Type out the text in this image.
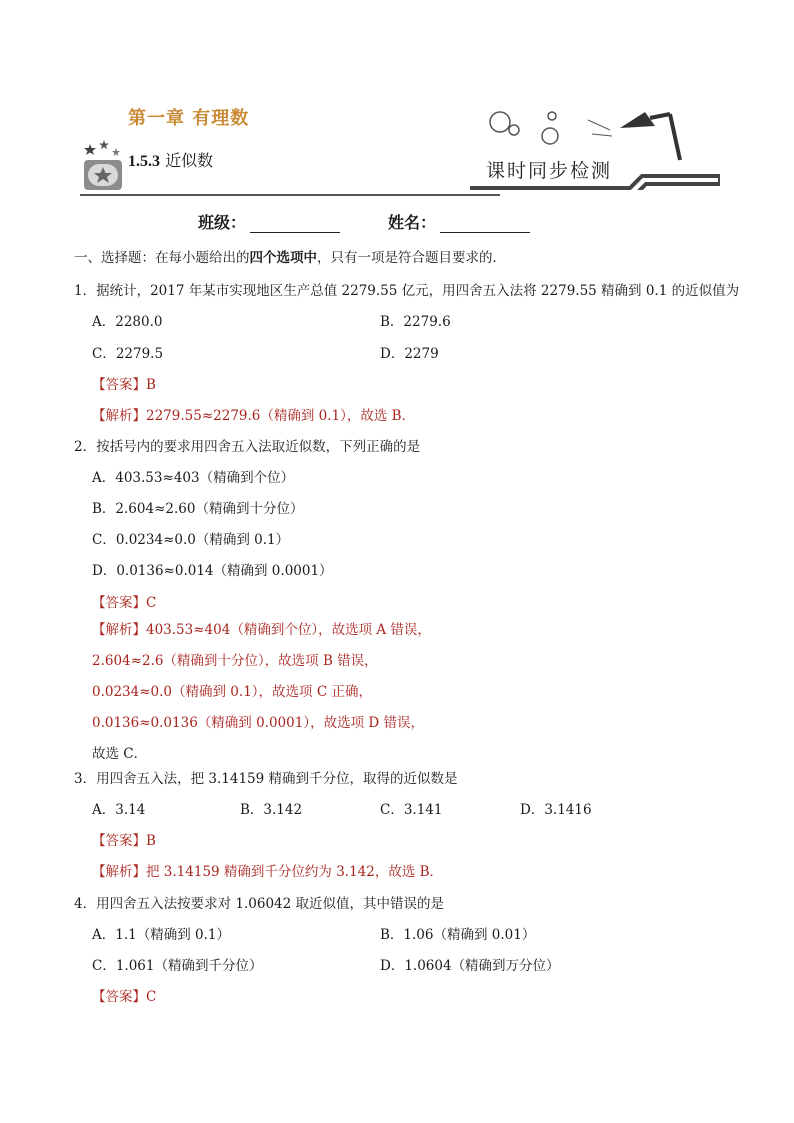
第一章 有理数
1.5.3 近似数	课时同步检测
班级：	姓名：
一、选择题：在每小题给出的四个选项中，只有一项是符合题目要求的．
1．据统计，2017 年某市实现地区生产总值 2279.55 亿元，用四舍五入法将 2279.55 精确到 0.1 的近似值为
A．2280.0	B．2279.6
C．2279.5	D．2279
【答案】B
【解析】2279.55≈2279.6（精确到 0.1），故选 B．
2．按括号内的要求用四舍五入法取近似数，下列正确的是
A．403.53≈403（精确到个位）
B．2.604≈2.60（精确到十分位）
C．0.0234≈0.0（精确到 0.1）
D．0.0136≈0.014（精确到 0.0001）
【答案】C
【解析】403.53≈404（精确到个位），故选项 A 错误，
2.604≈2.6（精确到十分位），故选项 B 错误，
0.0234≈0.0（精确到 0.1），故选项 C 正确，
0.0136≈0.0136（精确到 0.0001），故选项 D 错误，
故选 C．
3．用四舍五入法，把 3.14159 精确到千分位，取得的近似数是
A．3.14	B．3.142	C．3.141	D．3.1416
【答案】B
【解析】把 3.14159 精确到千分位约为 3.142，故选 B．
4．用四舍五入法按要求对 1.06042 取近似值，其中错误的是
A．1.1（精确到 0.1）	B．1.06（精确到 0.01）
C．1.061（精确到千分位）	D．1.0604（精确到万分位）
【答案】C
